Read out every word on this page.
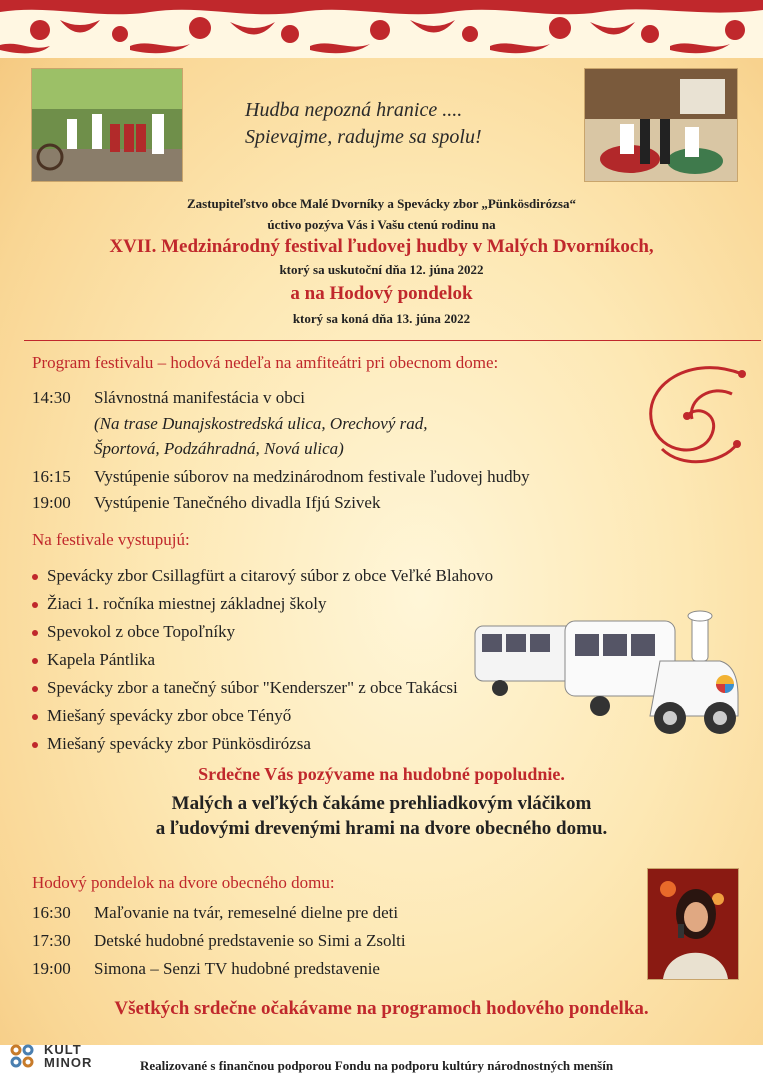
Hudba nepozná hranice ....
Spievajme, radujme sa spolu!
Zastupiteľstvo obce Malé Dvorníky a Spevácky zbor „Pünkösdirózsa“
úctivo pozýva Vás i Vašu ctenú rodinu na
XVII. Medzinárodný festival ľudovej hudby v Malých Dvorníkoch,
ktorý sa uskutoční dňa 12. júna 2022
a na Hodový pondelok
ktorý sa koná dňa 13. júna 2022
Program festivalu – hodová nedeľa na amfiteátri pri obecnom dome:
14:30 Slávnostná manifestácia v obci
(Na trase Dunajskostredská ulica, Orechový rad,
Športová, Podzáhradná, Nová ulica)
16:15 Vystúpenie súborov na medzinárodnom festivale ľudovej hudby
19:00 Vystúpenie Tanečného divadla Ifjú Szivek
Na festivale vystupujú:
Spevácky zbor Csillagfürt a citarový súbor z obce Veľké Blahovo
Žiaci 1. ročníka miestnej základnej školy
Spevokol z obce Topoľníky
Kapela Pántlika
Spevácky zbor a tanečný súbor "Kenderszer" z obce Takácsi
Miešaný spevácky zbor obce Tényő
Miešaný spevácky zbor Pünkösdirózsa
Srdečne Vás pozývame na hudobné popoludnie.
Malých a veľkých čakáme prehliadkovým vláčikom
a ľudovými drevenými hrami na dvore obecného domu.
Hodový pondelok na dvore obecného domu:
16:30 Maľovanie na tvár, remeselné dielne pre deti
17:30 Detské hudobné predstavenie so Simi a Zsolti
19:00 Simona – Senzi TV hudobné predstavenie
Všetkých srdečne očakávame na programoch hodového pondelka.
KULT
MINOR	Realizované s finančnou podporou Fondu na podporu kultúry národnostných menšín
